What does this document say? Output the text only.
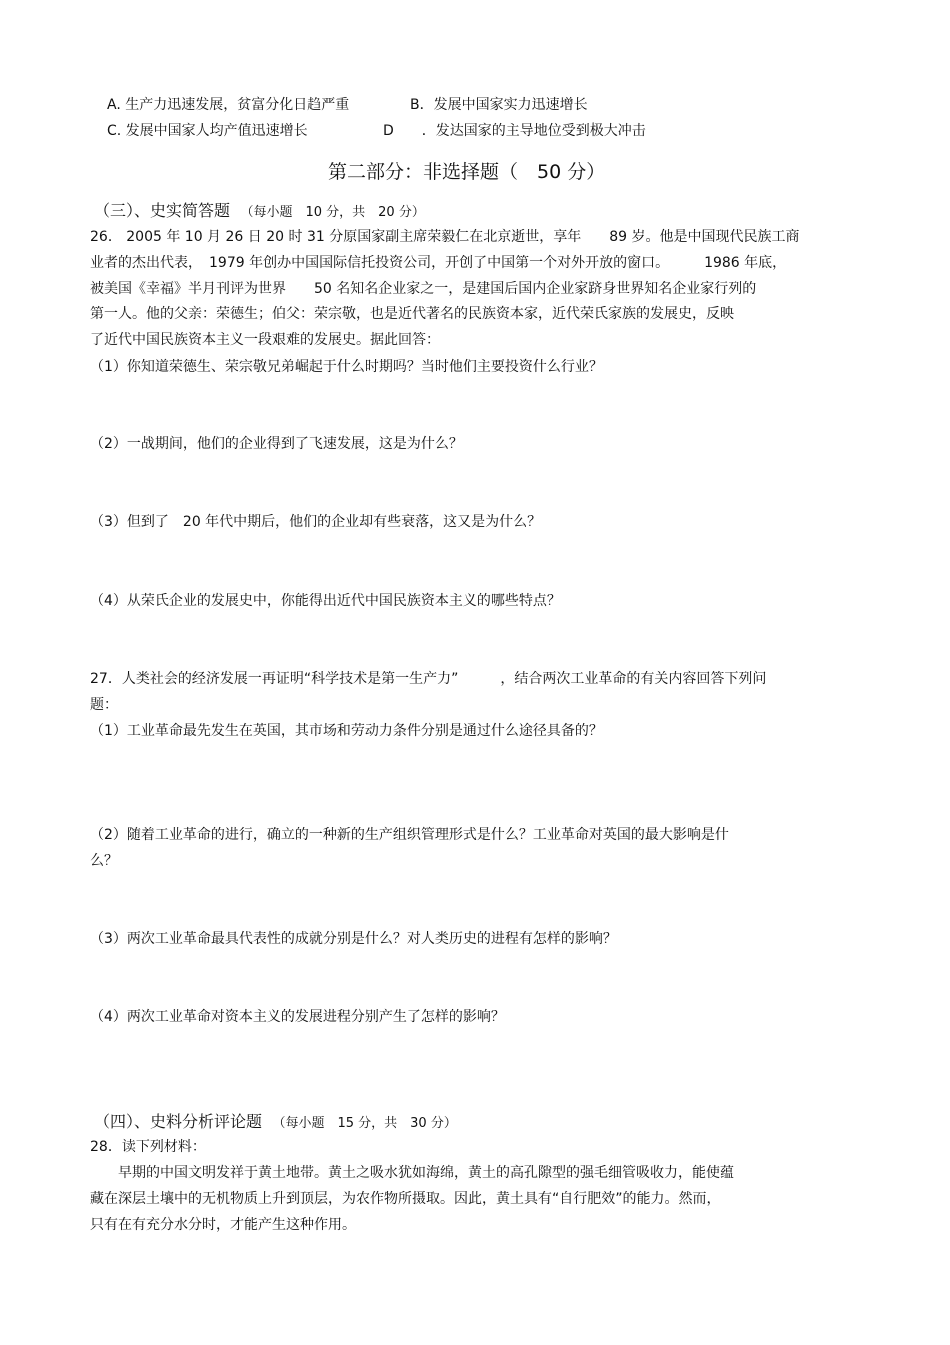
A. 生产力迅速发展，贫富分化日趋严重	B．发展中国家实力迅速增长
C. 发展中国家人均产值迅速增长	D　　．发达国家的主导地位受到极大冲击
第二部分：非选择题（　50 分）
（三）、史实简答题 （每小题　10 分，共　20 分）
26． 2005 年 10 月 26 日 20 时 31 分原国家副主席荣毅仁在北京逝世，享年　　89 岁。他是中国现代民族工商
业者的杰出代表，　1979 年创办中国国际信托投资公司，开创了中国第一个对外开放的窗口。　　　1986 年底，
被美国《幸福》半月刊评为世界　　50 名知名企业家之一，是建国后国内企业家跻身世界知名企业家行列的
第一人。他的父亲：荣德生；伯父：荣宗敬，也是近代著名的民族资本家，近代荣氏家族的发展史，反映
了近代中国民族资本主义一段艰难的发展史。据此回答：
（1）你知道荣德生、荣宗敬兄弟崛起于什么时期吗？当时他们主要投资什么行业？
（2）一战期间，他们的企业得到了飞速发展，这是为什么？
（3）但到了　20 年代中期后，他们的企业却有些衰落，这又是为什么？
（4）从荣氏企业的发展史中，你能得出近代中国民族资本主义的哪些特点？
27．人类社会的经济发展一再证明“科学技术是第一生产力”　　　，结合两次工业革命的有关内容回答下列问
题：
（1）工业革命最先发生在英国，其市场和劳动力条件分别是通过什么途径具备的？
（2）随着工业革命的进行，确立的一种新的生产组织管理形式是什么？工业革命对英国的最大影响是什
么？
（3）两次工业革命最具代表性的成就分别是什么？对人类历史的进程有怎样的影响？
（4）两次工业革命对资本主义的发展进程分别产生了怎样的影响？
（四）、史料分析评论题 （每小题　15 分，共　30 分）
28．读下列材料：
早期的中国文明发祥于黄土地带。黄土之吸水犹如海绵，黄土的高孔隙型的强毛细管吸收力，能使蕴
藏在深层土壤中的无机物质上升到顶层，为农作物所摄取。因此，黄土具有“自行肥效”的能力。然而，
只有在有充分水分时，才能产生这种作用。
